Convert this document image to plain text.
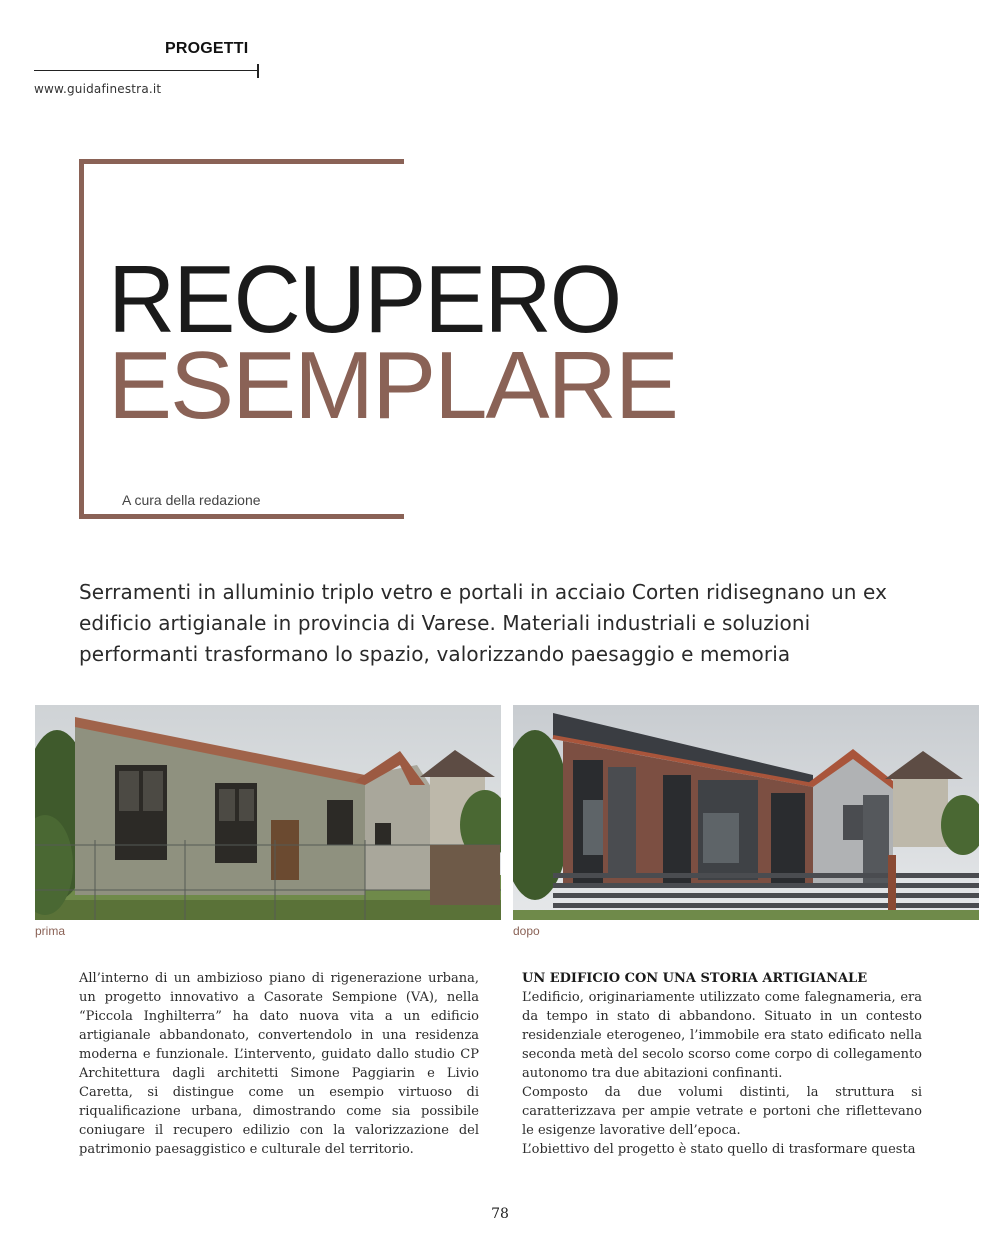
PROGETTI
www.guidafinestra.it
RECUPERO
ESEMPLARE
A cura della redazione

Serramenti in alluminio triplo vetro e portali in acciaio Corten ridisegnano un ex edificio artigianale in provincia di Varese. Materiali industriali e soluzioni performanti trasformano lo spazio, valorizzando paesaggio e memoria

prima	dopo
All’interno di un ambizioso piano di rigenerazione urbana, un progetto innovativo a Casorate Sempione (VA), nella “Piccola Inghilterra” ha dato nuova vita a un edificio artigianale abbandonato, convertendolo in una residenza moderna e funzionale. L’intervento, guidato dallo studio CP Architettura dagli architetti Simone Paggiarin e Livio Caretta, si distingue come un esempio virtuoso di riqualificazione urbana, dimostrando come sia possibile coniugare il recupero edilizio con la valorizzazione del patrimonio paesaggistico e culturale del territorio.
UN EDIFICIO CON UNA STORIA ARTIGIANALE
L’edificio, originariamente utilizzato come falegnameria, era da tempo in stato di abbandono. Situato in un contesto residenziale eterogeneo, l’immobile era stato edificato nella seconda metà del secolo scorso come corpo di collegamento autonomo tra due abitazioni confinanti.
Composto da due volumi distinti, la struttura si caratterizzava per ampie vetrate e portoni che riflettevano le esigenze lavorative dell’epoca.
L’obiettivo del progetto è stato quello di trasformare questa
78
